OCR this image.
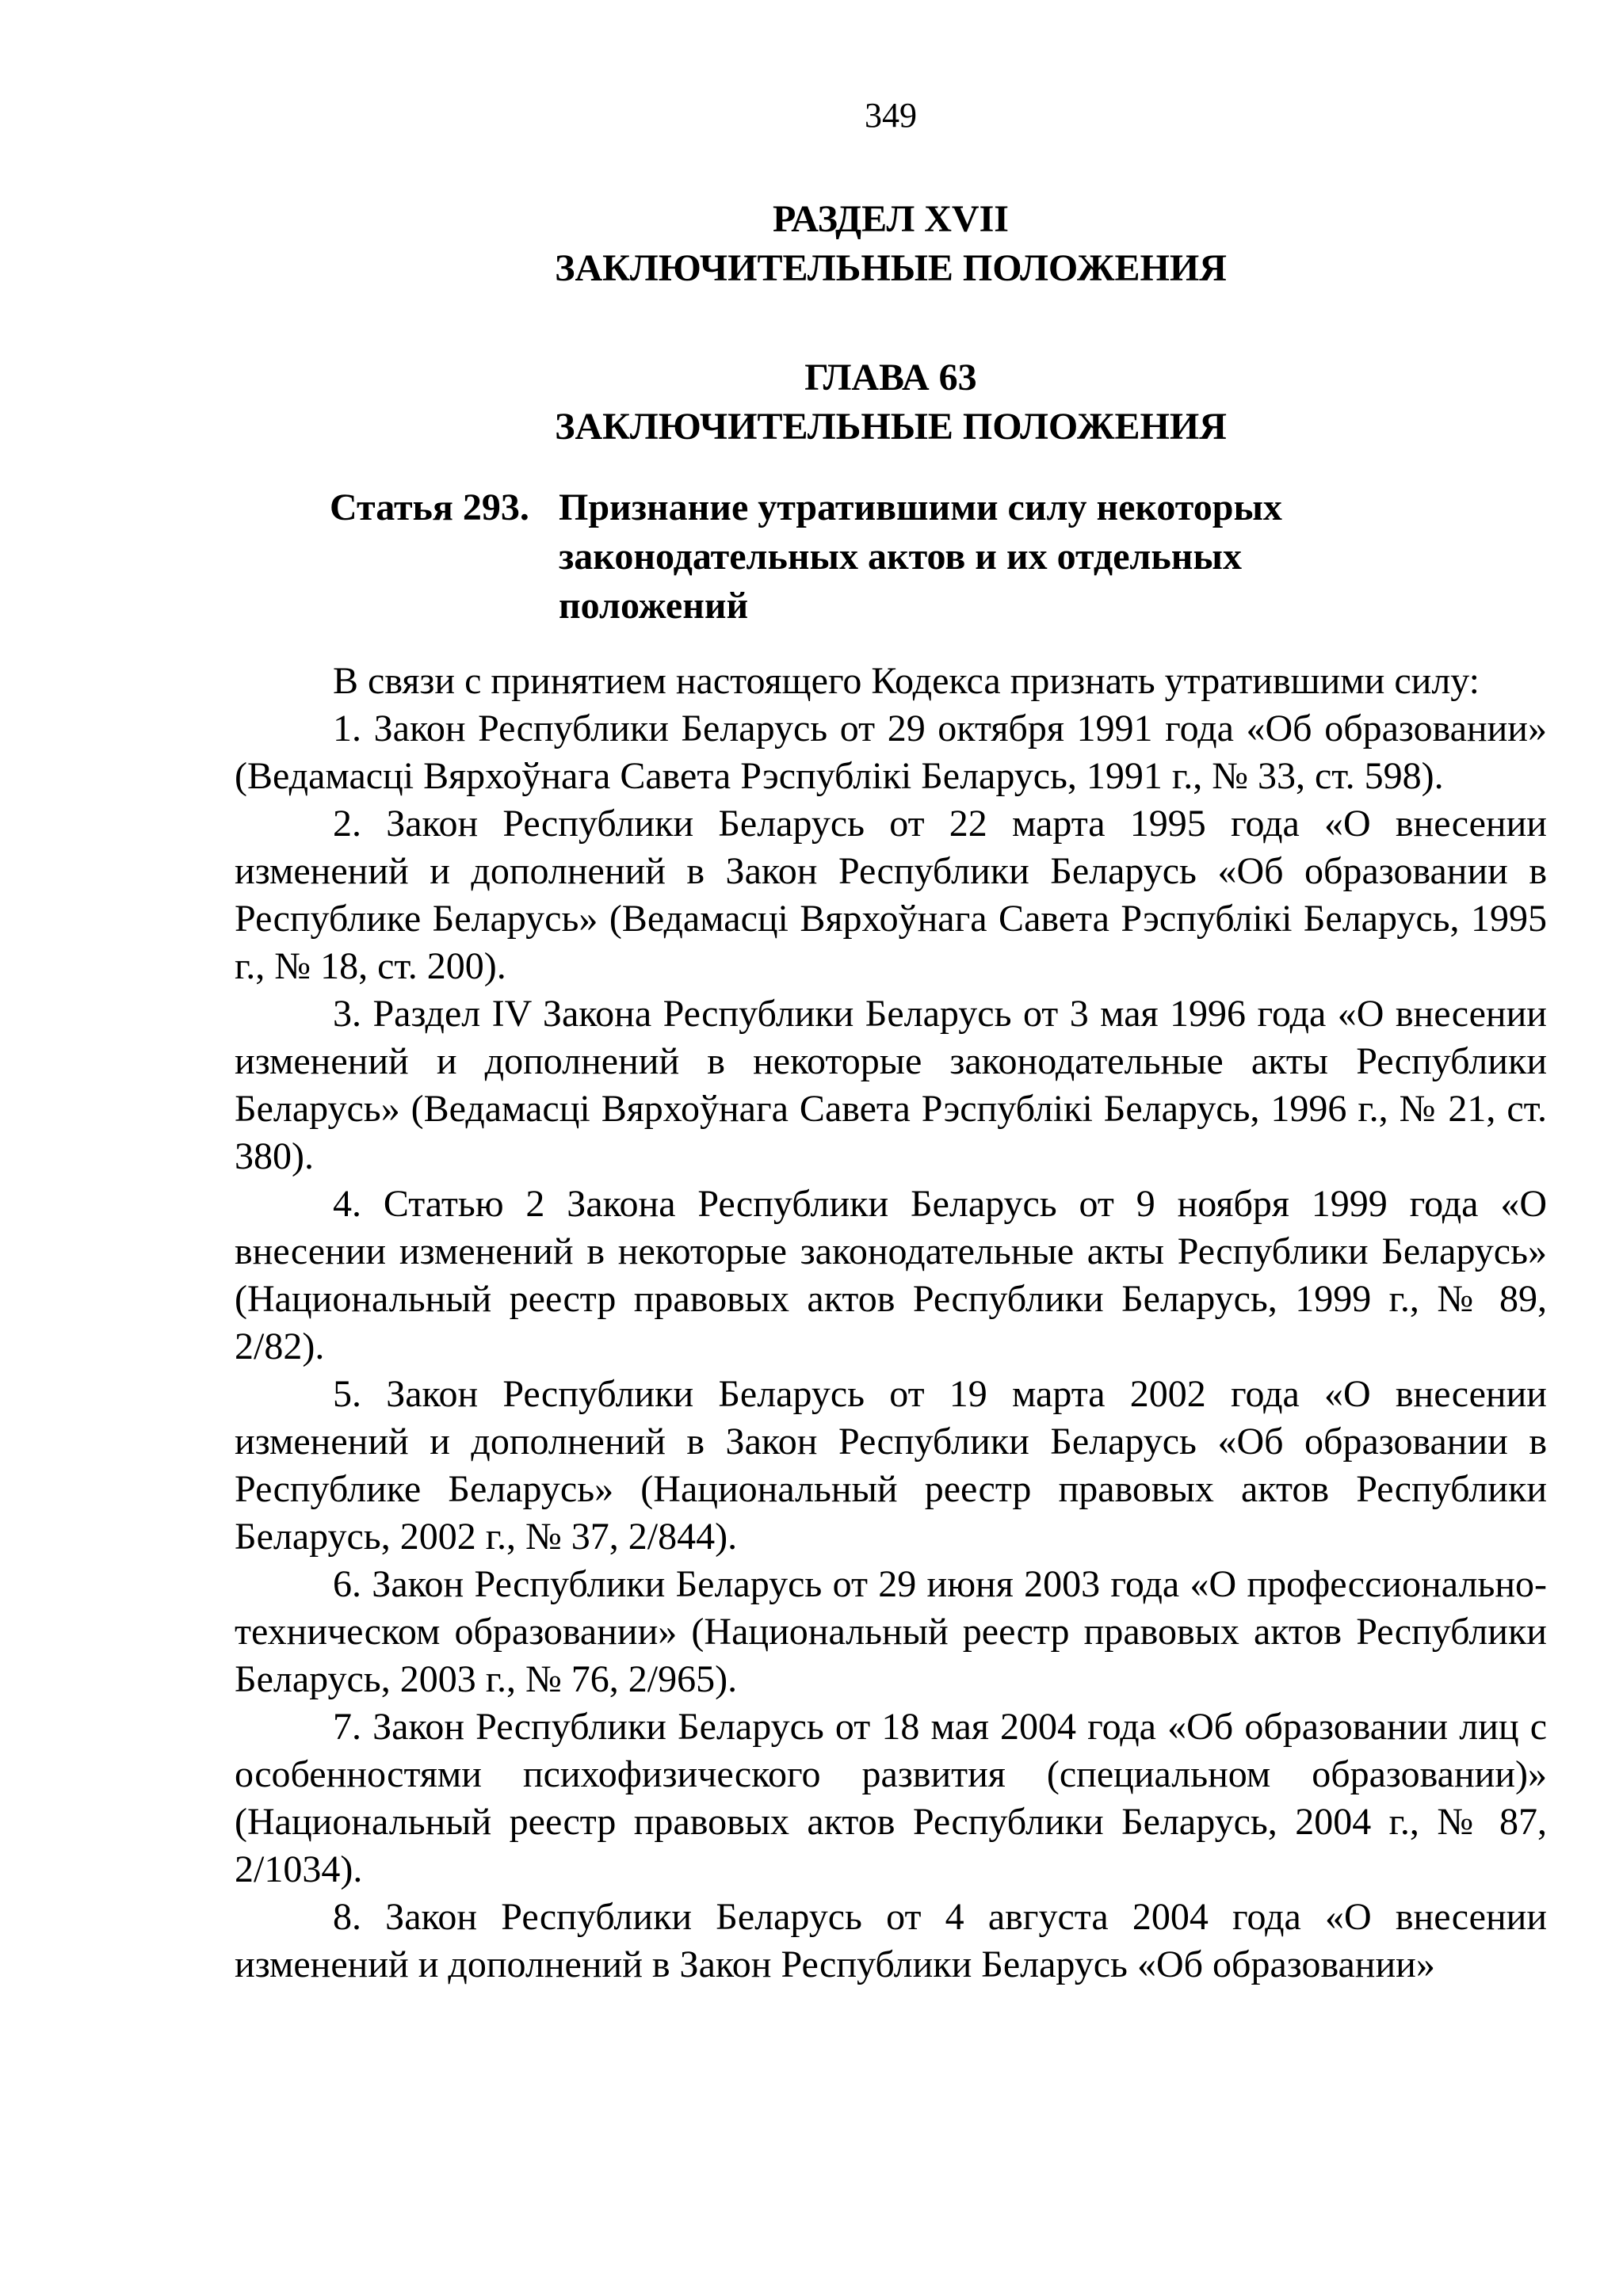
349
РАЗДЕЛ XVII
ЗАКЛЮЧИТЕЛЬНЫЕ ПОЛОЖЕНИЯ
ГЛАВА 63
ЗАКЛЮЧИТЕЛЬНЫЕ ПОЛОЖЕНИЯ
Статья 293. Признание утратившими силу некоторых
законодательных актов и их отдельных
положений

В связи с принятием настоящего Кодекса признать утратившими силу:

1. Закон Республики Беларусь от 29 октября 1991 года «Об образовании» (Ведамасці Вярхоўнага Савета Рэспублікі Беларусь, 1991 г., № 33, ст. 598).

2. Закон Республики Беларусь от 22 марта 1995 года «О внесении изменений и дополнений в Закон Республики Беларусь «Об образовании в Республике Беларусь» (Ведамасці Вярхоўнага Савета Рэспублікі Беларусь, 1995 г., № 18, ст. 200).

3. Раздел IV Закона Республики Беларусь от 3 мая 1996 года «О внесении изменений и дополнений в некоторые законодательные акты Республики Беларусь» (Ведамасці Вярхоўнага Савета Рэспублікі Беларусь, 1996 г., № 21, ст. 380).

4. Статью 2 Закона Республики Беларусь от 9 ноября 1999 года «О внесении изменений в некоторые законодательные акты Республики Беларусь» (Национальный реестр правовых актов Республики Беларусь, 1999 г., № 89, 2/82).

5. Закон Республики Беларусь от 19 марта 2002 года «О внесении изменений и дополнений в Закон Республики Беларусь «Об образовании в Республике Беларусь» (Национальный реестр правовых актов Республики Беларусь, 2002 г., № 37, 2/844).

6. Закон Республики Беларусь от 29 июня 2003 года «О профессионально-техническом образовании» (Национальный реестр правовых актов Республики Беларусь, 2003 г., № 76, 2/965).

7. Закон Республики Беларусь от 18 мая 2004 года «Об образовании лиц с особенностями психофизического развития (специальном образовании)» (Национальный реестр правовых актов Республики Беларусь, 2004 г., № 87, 2/1034).

8. Закон Республики Беларусь от 4 августа 2004 года «О внесении изменений и дополнений в Закон Республики Беларусь «Об образовании»
